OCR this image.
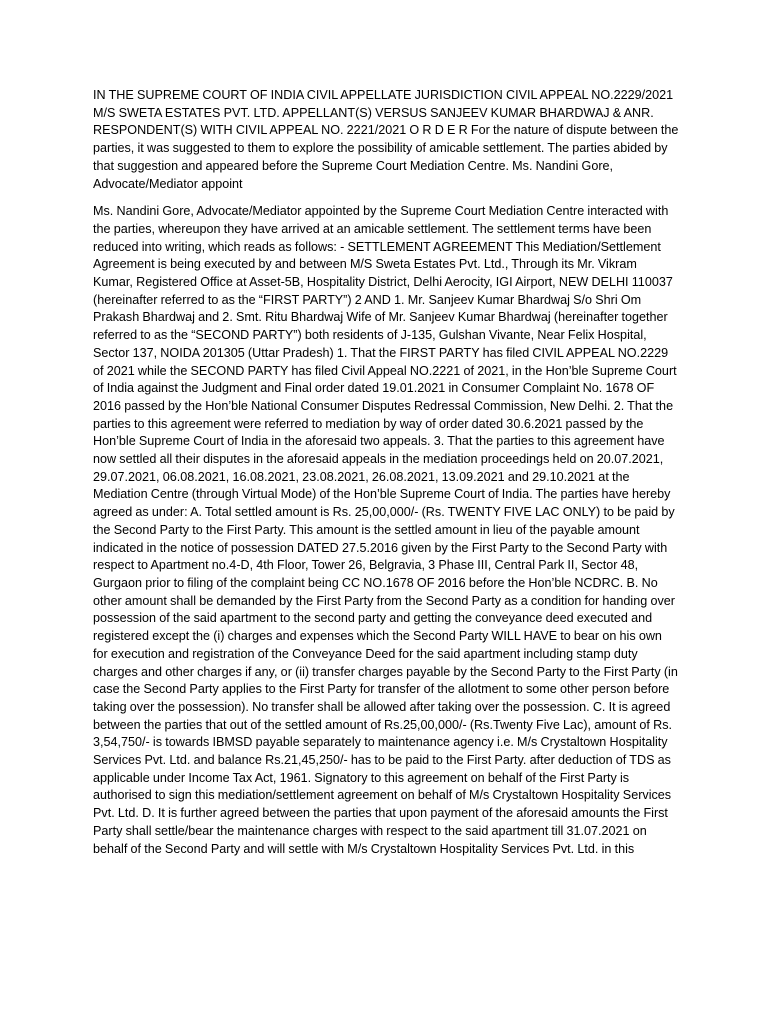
IN THE SUPREME COURT OF INDIA CIVIL APPELLATE JURISDICTION CIVIL APPEAL NO.2229/2021 M/S SWETA ESTATES PVT. LTD. APPELLANT(S) VERSUS SANJEEV KUMAR BHARDWAJ & ANR. RESPONDENT(S) WITH CIVIL APPEAL NO. 2221/2021 O R D E R For the nature of dispute between the parties, it was suggested to them to explore the possibility of amicable settlement. The parties abided by that suggestion and appeared before the Supreme Court Mediation Centre. Ms. Nandini Gore, Advocate/Mediator appoint

Ms. Nandini Gore, Advocate/Mediator appointed by the Supreme Court Mediation Centre interacted with the parties, whereupon they have arrived at an amicable settlement. The settlement terms have been reduced into writing, which reads as follows: - SETTLEMENT AGREEMENT This Mediation/Settlement Agreement is being executed by and between M/S Sweta Estates Pvt. Ltd., Through its Mr. Vikram Kumar, Registered Office at Asset-5B, Hospitality District, Delhi Aerocity, IGI Airport, NEW DELHI 110037 (hereinafter referred to as the “FIRST PARTY”) 2 AND 1. Mr. Sanjeev Kumar Bhardwaj S/o Shri Om Prakash Bhardwaj and 2. Smt. Ritu Bhardwaj Wife of Mr. Sanjeev Kumar Bhardwaj (hereinafter together referred to as the “SECOND PARTY”) both residents of J-135, Gulshan Vivante, Near Felix Hospital, Sector 137, NOIDA 201305 (Uttar Pradesh) 1. That the FIRST PARTY has filed CIVIL APPEAL NO.2229 of 2021 while the SECOND PARTY has filed Civil Appeal NO.2221 of 2021, in the Hon’ble Supreme Court of India against the Judgment and Final order dated 19.01.2021 in Consumer Complaint No. 1678 OF 2016 passed by the Hon’ble National Consumer Disputes Redressal Commission, New Delhi. 2. That the parties to this agreement were referred to mediation by way of order dated 30.6.2021 passed by the Hon’ble Supreme Court of India in the aforesaid two appeals. 3. That the parties to this agreement have now settled all their disputes in the aforesaid appeals in the mediation proceedings held on 20.07.2021, 29.07.2021, 06.08.2021, 16.08.2021, 23.08.2021, 26.08.2021, 13.09.2021 and 29.10.2021 at the Mediation Centre (through Virtual Mode) of the Hon’ble Supreme Court of India. The parties have hereby agreed as under: A. Total settled amount is Rs. 25,00,000/- (Rs. TWENTY FIVE LAC ONLY) to be paid by the Second Party to the First Party. This amount is the settled amount in lieu of the payable amount indicated in the notice of possession DATED 27.5.2016 given by the First Party to the Second Party with respect to Apartment no.4-D, 4th Floor, Tower 26, Belgravia, 3 Phase III, Central Park II, Sector 48, Gurgaon prior to filing of the complaint being CC NO.1678 OF 2016 before the Hon’ble NCDRC. B. No other amount shall be demanded by the First Party from the Second Party as a condition for handing over possession of the said apartment to the second party and getting the conveyance deed executed and registered except the (i) charges and expenses which the Second Party WILL HAVE to bear on his own for execution and registration of the Conveyance Deed for the said apartment including stamp duty charges and other charges if any, or (ii) transfer charges payable by the Second Party to the First Party (in case the Second Party applies to the First Party for transfer of the allotment to some other person before taking over the possession). No transfer shall be allowed after taking over the possession. C. It is agreed between the parties that out of the settled amount of Rs.25,00,000/- (Rs.Twenty Five Lac), amount of Rs. 3,54,750/- is towards IBMSD payable separately to maintenance agency i.e. M/s Crystaltown Hospitality Services Pvt. Ltd. and balance Rs.21,45,250/- has to be paid to the First Party. after deduction of TDS as applicable under Income Tax Act, 1961. Signatory to this agreement on behalf of the First Party is authorised to sign this mediation/settlement agreement on behalf of M/s Crystaltown Hospitality Services Pvt. Ltd. D. It is further agreed between the parties that upon payment of the aforesaid amounts the First Party shall settle/bear the maintenance charges with respect to the said apartment till 31.07.2021 on behalf of the Second Party and will settle with M/s Crystaltown Hospitality Services Pvt. Ltd. in this
